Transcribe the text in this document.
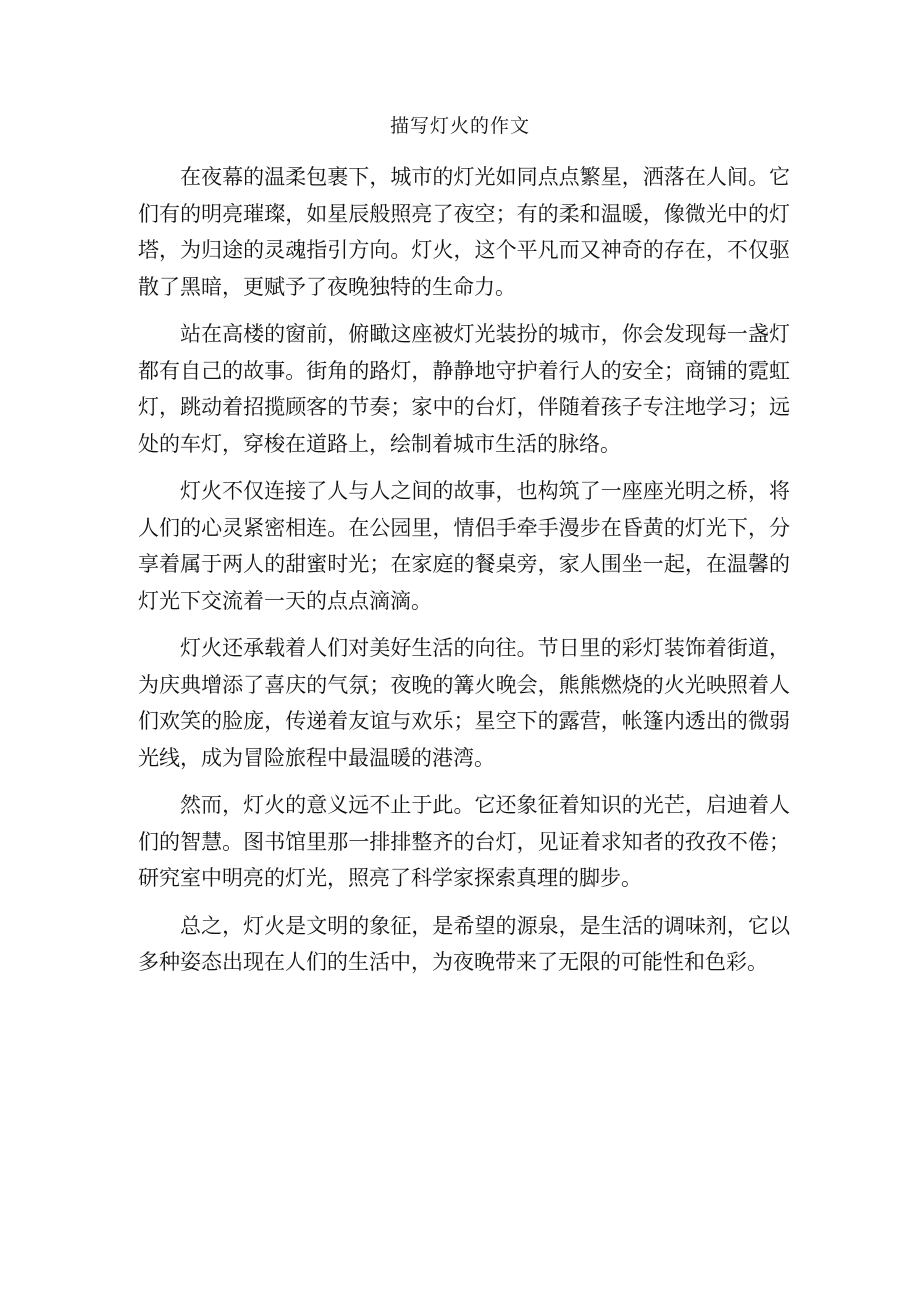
描写灯火的作文

在夜幕的温柔包裹下，城市的灯光如同点点繁星，洒落在人间。它们有的明亮璀璨，如星辰般照亮了夜空；有的柔和温暖，像微光中的灯塔，为归途的灵魂指引方向。灯火，这个平凡而又神奇的存在，不仅驱散了黑暗，更赋予了夜晚独特的生命力。

站在高楼的窗前，俯瞰这座被灯光装扮的城市，你会发现每一盏灯都有自己的故事。街角的路灯，静静地守护着行人的安全；商铺的霓虹灯，跳动着招揽顾客的节奏；家中的台灯，伴随着孩子专注地学习；远处的车灯，穿梭在道路上，绘制着城市生活的脉络。

灯火不仅连接了人与人之间的故事，也构筑了一座座光明之桥，将人们的心灵紧密相连。在公园里，情侣手牵手漫步在昏黄的灯光下，分享着属于两人的甜蜜时光；在家庭的餐桌旁，家人围坐一起，在温馨的灯光下交流着一天的点点滴滴。

灯火还承载着人们对美好生活的向往。节日里的彩灯装饰着街道，为庆典增添了喜庆的气氛；夜晚的篝火晚会，熊熊燃烧的火光映照着人们欢笑的脸庞，传递着友谊与欢乐；星空下的露营，帐篷内透出的微弱光线，成为冒险旅程中最温暖的港湾。

然而，灯火的意义远不止于此。它还象征着知识的光芒，启迪着人们的智慧。图书馆里那一排排整齐的台灯，见证着求知者的孜孜不倦；研究室中明亮的灯光，照亮了科学家探索真理的脚步。

总之，灯火是文明的象征，是希望的源泉，是生活的调味剂，它以多种姿态出现在人们的生活中，为夜晚带来了无限的可能性和色彩。
